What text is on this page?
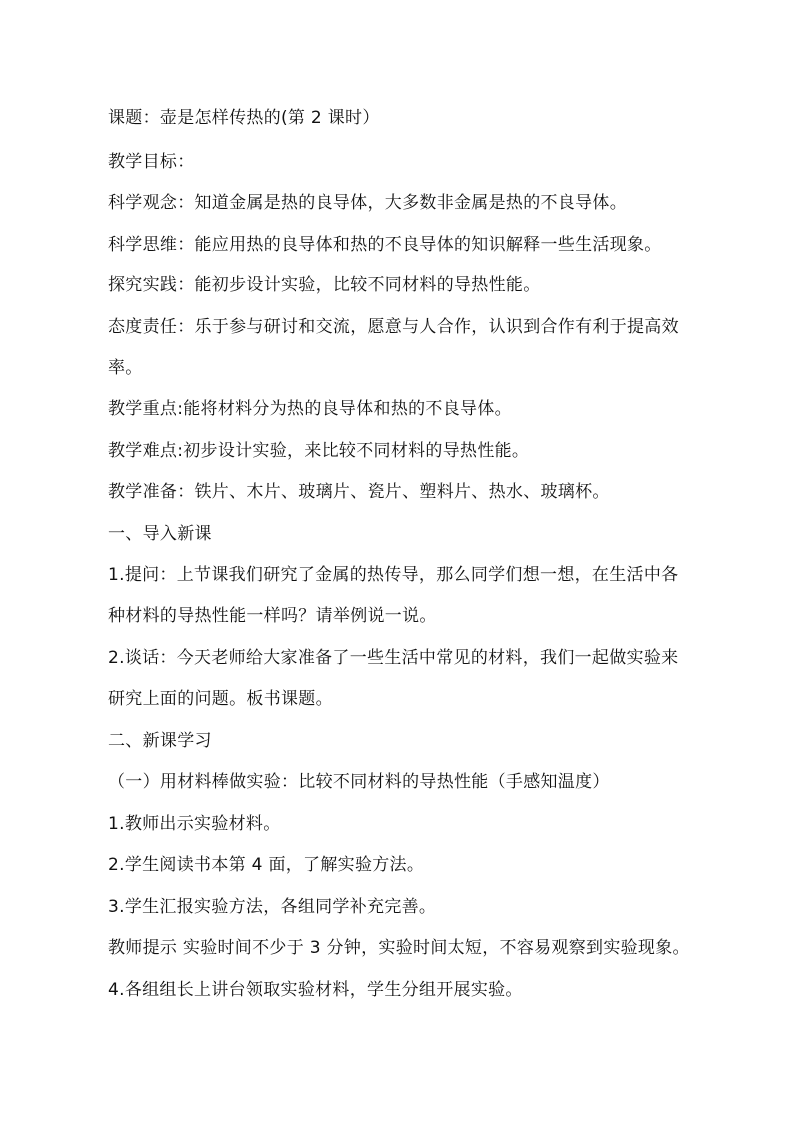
课题：壶是怎样传热的(第 2 课时）
教学目标：
科学观念：知道金属是热的良导体，大多数非金属是热的不良导体。
科学思维：能应用热的良导体和热的不良导体的知识解释一些生活现象。
探究实践：能初步设计实验，比较不同材料的导热性能。
态度责任：乐于参与研讨和交流，愿意与人合作，认识到合作有利于提高效
率。
教学重点:能将材料分为热的良导体和热的不良导体。
教学难点:初步设计实验，来比较不同材料的导热性能。
教学准备：铁片、木片、玻璃片、瓷片、塑料片、热水、玻璃杯。
一、导入新课
1.提问：上节课我们研究了金属的热传导，那么同学们想一想，在生活中各
种材料的导热性能一样吗？请举例说一说。
2.谈话：今天老师给大家准备了一些生活中常见的材料，我们一起做实验来
研究上面的问题。板书课题。
二、新课学习
（一）用材料棒做实验：比较不同材料的导热性能（手感知温度）
1.教师出示实验材料。
2.学生阅读书本第 4 面，了解实验方法。
3.学生汇报实验方法，各组同学补充完善。
教师提示 实验时间不少于 3 分钟，实验时间太短，不容易观察到实验现象。
4.各组组长上讲台领取实验材料，学生分组开展实验。
